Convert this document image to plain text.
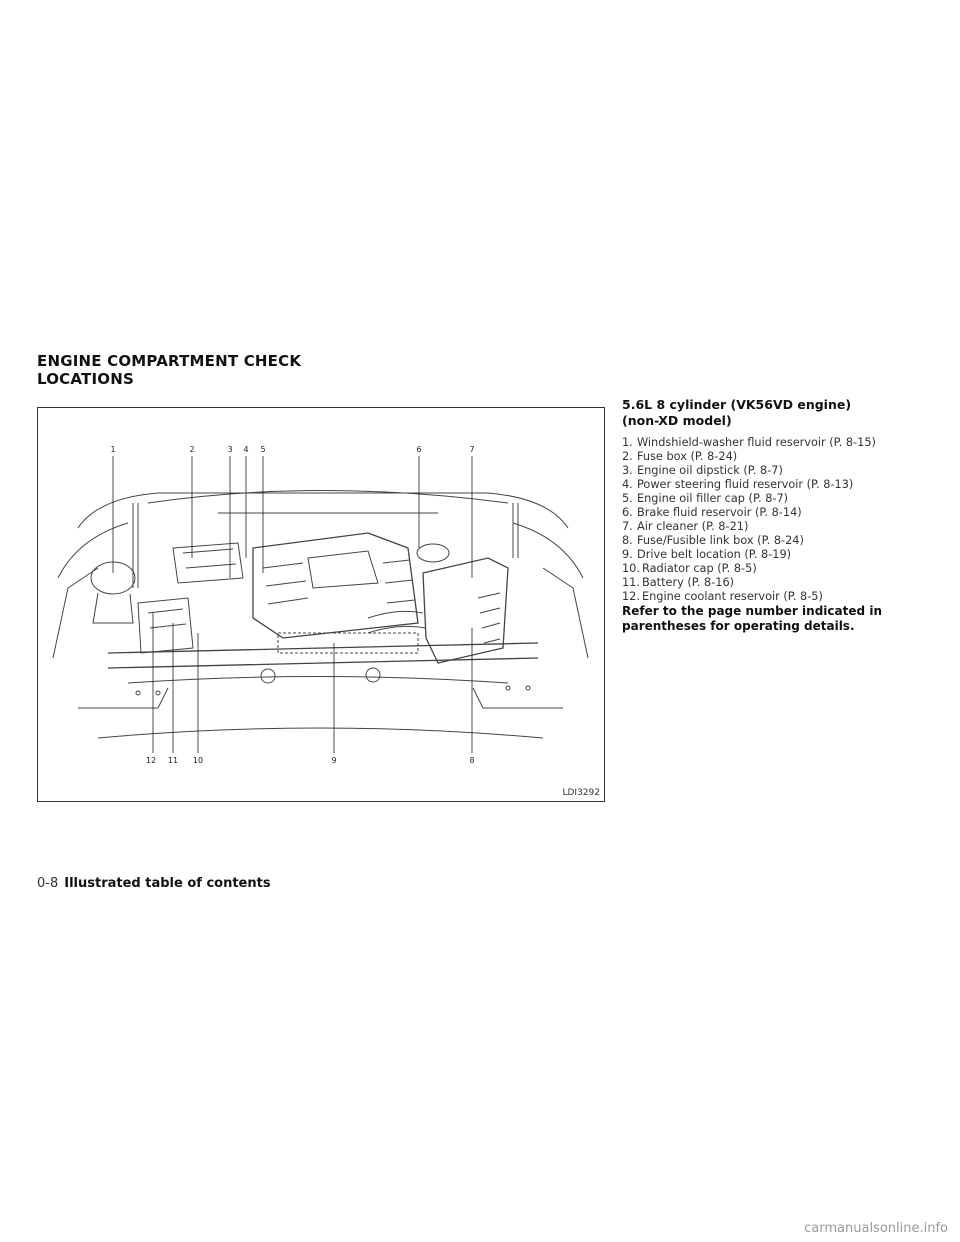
ENGINE COMPARTMENT CHECK
LOCATIONS
1	2	3 4 5	6	7
8
9
10
11
12
LDI3292

5.6L 8 cylinder (VK56VD engine)
(non-XD model)

1. Windshield-washer fluid reservoir (P. 8-15)
2. Fuse box (P. 8-24)
3. Engine oil dipstick (P. 8-7)
4. Power steering fluid reservoir (P. 8-13)
5. Engine oil filler cap (P. 8-7)
6. Brake fluid reservoir (P. 8-14)
7. Air cleaner (P. 8-21)
8. Fuse/Fusible link box (P. 8-24)
9. Drive belt location (P. 8-19)
10. Radiator cap (P. 8-5)
11. Battery (P. 8-16)
12. Engine coolant reservoir (P. 8-5)

Refer to the page number indicated in parentheses for operating details.

0-8 Illustrated table of contents
carmanualsonline.info
